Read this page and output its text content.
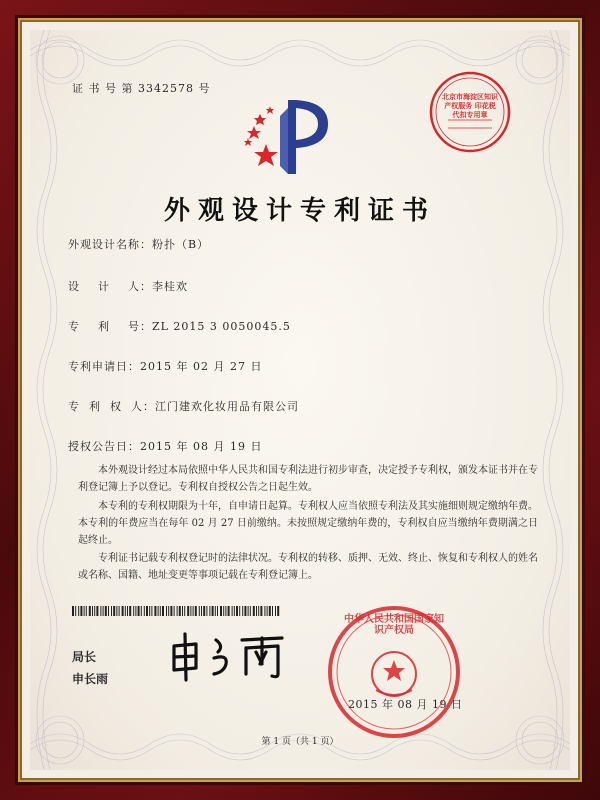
证 书 号 第 3342578 号
北京市海淀区知识产权服务 印花税代扣专用章
外观设计专利证书
外观设计名称：粉扑（B）
设    计    人：李桂欢
专    利    号：ZL 2015 3 0050045.5
专利申请日：2015 年 02 月 27 日
专  利  权  人：江门建欢化妆用品有限公司
授权公告日：2015 年 08 月 19 日
本外观设计经过本局依照中华人民共和国专利法进行初步审查，决定授予专利权，颁发本证书并在专利登记簿上予以登记。专利权自授权公告之日起生效。
本专利的专利权期限为十年，自申请日起算。专利权人应当依照专利法及其实施细则规定缴纳年费。本专利的年费应当在每年 02 月 27 日前缴纳。未按照规定缴纳年费的，专利权自应当缴纳年费期满之日起终止。
专利证书记载专利权登记时的法律状况。专利权的转移、质押、无效、终止、恢复和专利权人的姓名或名称、国籍、地址变更等事项记载在专利登记簿上。
局长
申长雨
中华人民共和国国家知识产权局
2015 年 08 月 19 日
第 1 页（共 1 页）
